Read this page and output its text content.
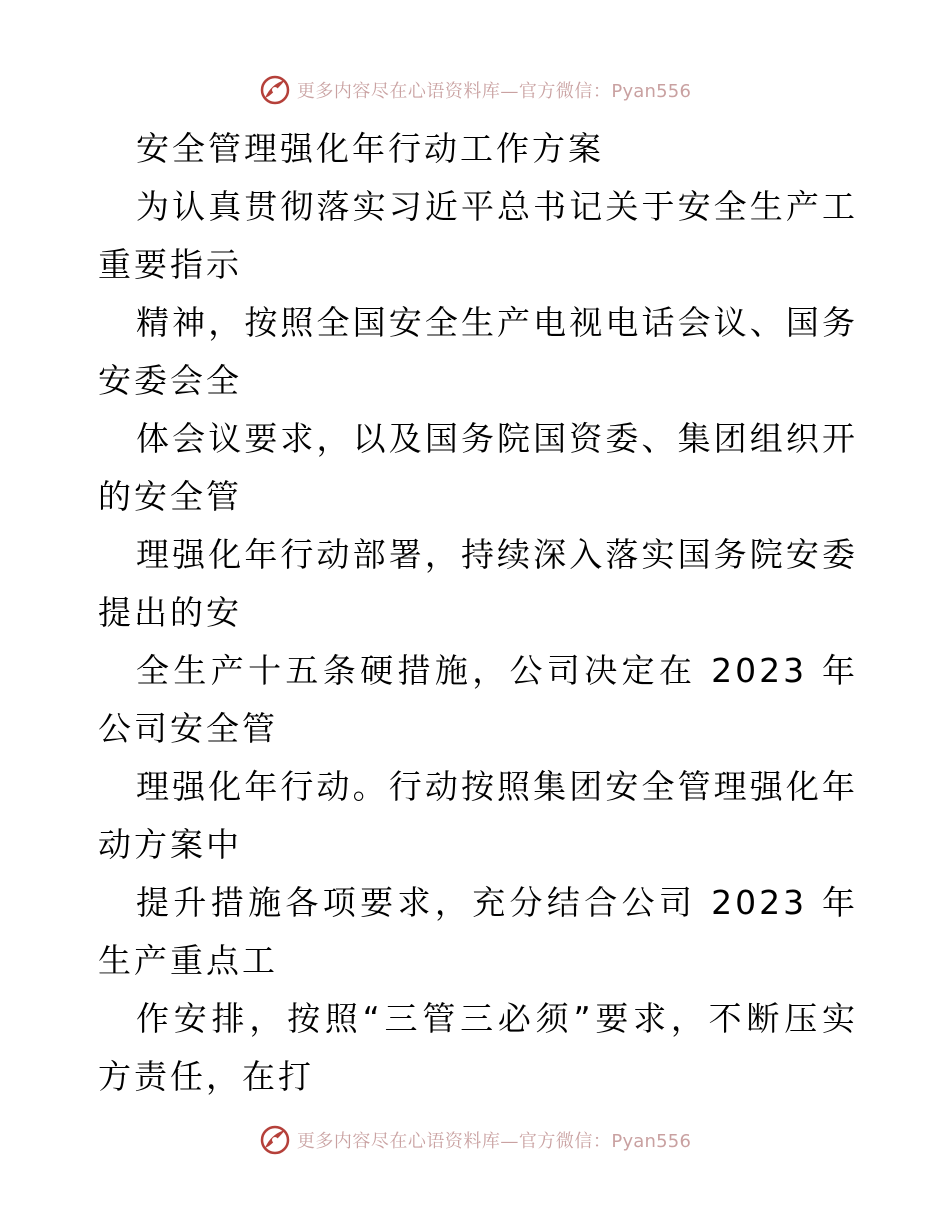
更多内容尽在心语资料库—官方微信：Pyan556
安全管理强化年行动工作方案
为认真贯彻落实习近平总书记关于安全生产工
重要指示
精神，按照全国安全生产电视电话会议、国务
安委会全
体会议要求，以及国务院国资委、集团组织开
的安全管
理强化年行动部署，持续深入落实国务院安委
提出的安
全生产十五条硬措施，公司决定在 2023 年
公司安全管
理强化年行动。行动按照集团安全管理强化年
动方案中
提升措施各项要求，充分结合公司 2023 年
生产重点工
作安排，按照“三管三必须”要求，不断压实
方责任，在打
更多内容尽在心语资料库—官方微信：Pyan556
